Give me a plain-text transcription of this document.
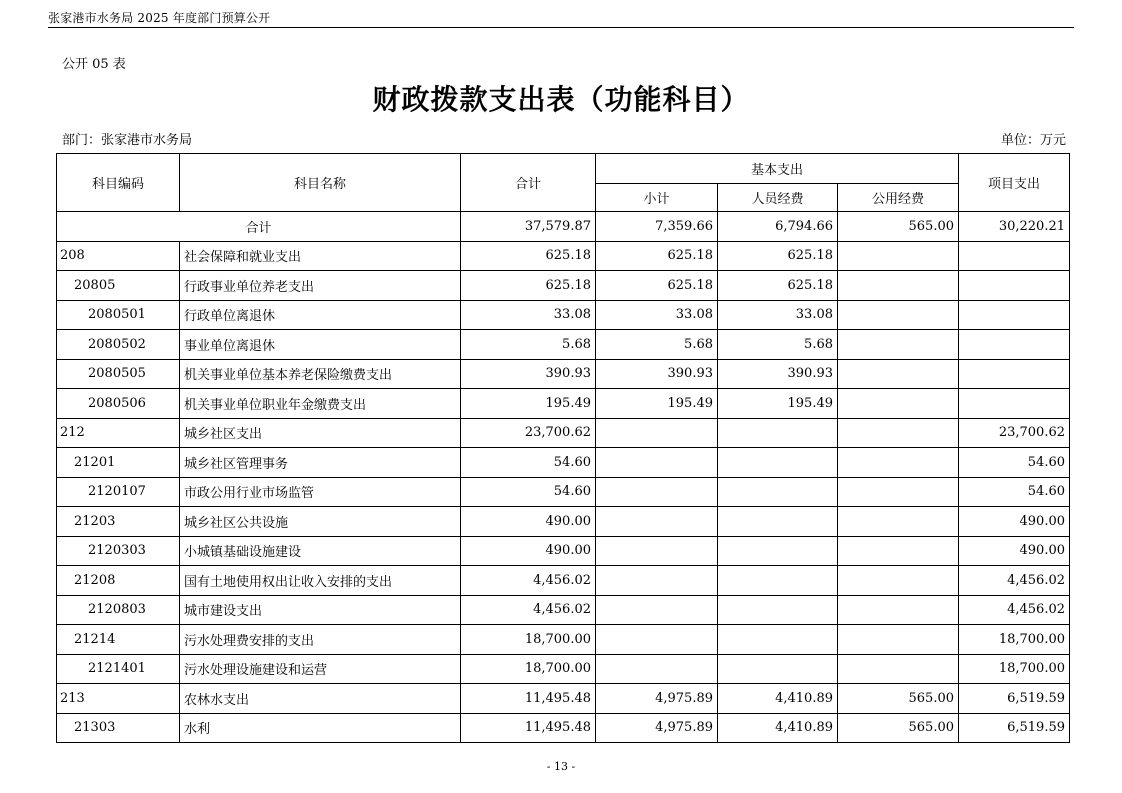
张家港市水务局 2025 年度部门预算公开
公开 05 表
财政拨款支出表（功能科目）
部门：张家港市水务局	单位：万元
科目编码	科目名称	合计	基本支出			项目支出
			小计	人员经费	公用经费	
合计		37,579.87	7,359.66	6,794.66	565.00	30,220.21
208	社会保障和就业支出	625.18	625.18	625.18		
20805	行政事业单位养老支出	625.18	625.18	625.18		
2080501	行政单位离退休	33.08	33.08	33.08		
2080502	事业单位离退休	5.68	5.68	5.68		
2080505	机关事业单位基本养老保险缴费支出	390.93	390.93	390.93		
2080506	机关事业单位职业年金缴费支出	195.49	195.49	195.49		
212	城乡社区支出	23,700.62				23,700.62
21201	城乡社区管理事务	54.60				54.60
2120107	市政公用行业市场监管	54.60				54.60
21203	城乡社区公共设施	490.00				490.00
2120303	小城镇基础设施建设	490.00				490.00
21208	国有土地使用权出让收入安排的支出	4,456.02				4,456.02
2120803	城市建设支出	4,456.02				4,456.02
21214	污水处理费安排的支出	18,700.00				18,700.00
2121401	污水处理设施建设和运营	18,700.00				18,700.00
213	农林水支出	11,495.48	4,975.89	4,410.89	565.00	6,519.59
21303	水利	11,495.48	4,975.89	4,410.89	565.00	6,519.59
- 13 -
